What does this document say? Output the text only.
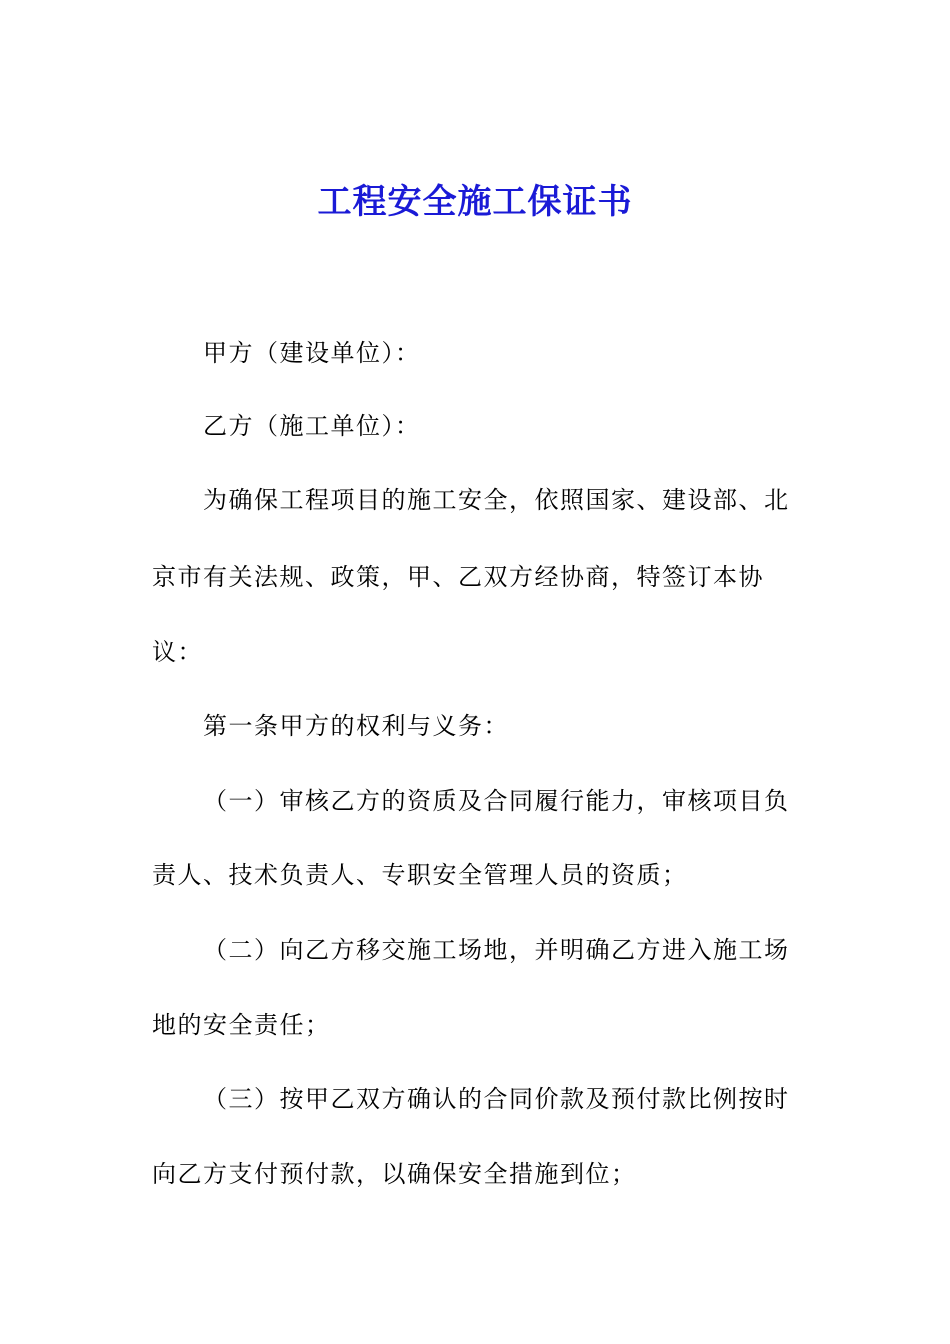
工程安全施工保证书
甲方（建设单位）：
乙方（施工单位）：
为确保工程项目的施工安全，依照国家、建设部、北
京市有关法规、政策，甲、乙双方经协商，特签订本协
议：
第一条甲方的权利与义务：
（一）审核乙方的资质及合同履行能力，审核项目负
责人、技术负责人、专职安全管理人员的资质；
（二）向乙方移交施工场地，并明确乙方进入施工场
地的安全责任；
（三）按甲乙双方确认的合同价款及预付款比例按时
向乙方支付预付款，以确保安全措施到位；
